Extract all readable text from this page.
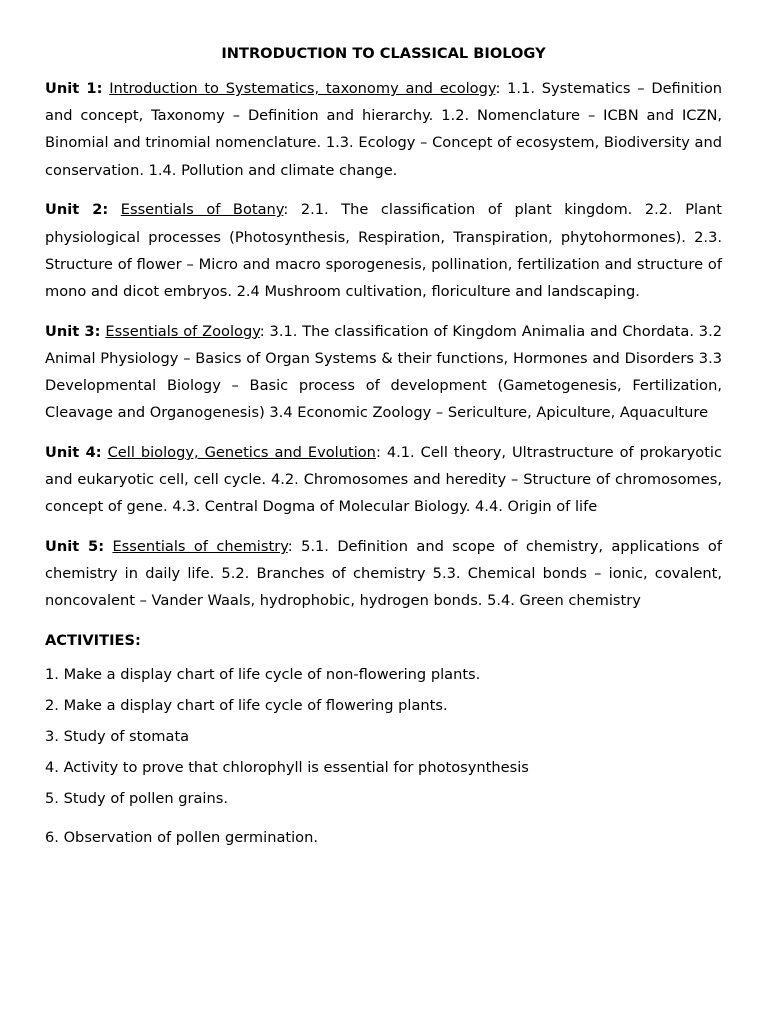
INTRODUCTION TO CLASSICAL BIOLOGY
Unit 1: Introduction to Systematics, taxonomy and ecology: 1.1. Systematics – Definition and concept, Taxonomy – Definition and hierarchy. 1.2. Nomenclature – ICBN and ICZN, Binomial and trinomial nomenclature. 1.3. Ecology – Concept of ecosystem, Biodiversity and conservation. 1.4. Pollution and climate change.
Unit 2: Essentials of Botany: 2.1. The classification of plant kingdom. 2.2. Plant physiological processes (Photosynthesis, Respiration, Transpiration, phytohormones). 2.3. Structure of flower – Micro and macro sporogenesis, pollination, fertilization and structure of mono and dicot embryos. 2.4 Mushroom cultivation, floriculture and landscaping.
Unit 3: Essentials of Zoology: 3.1. The classification of Kingdom Animalia and Chordata. 3.2 Animal Physiology – Basics of Organ Systems & their functions, Hormones and Disorders 3.3 Developmental Biology – Basic process of development (Gametogenesis, Fertilization, Cleavage and Organogenesis) 3.4 Economic Zoology – Sericulture, Apiculture, Aquaculture
Unit 4: Cell biology, Genetics and Evolution: 4.1. Cell theory, Ultrastructure of prokaryotic and eukaryotic cell, cell cycle. 4.2. Chromosomes and heredity – Structure of chromosomes, concept of gene. 4.3. Central Dogma of Molecular Biology. 4.4. Origin of life
Unit 5: Essentials of chemistry: 5.1. Definition and scope of chemistry, applications of chemistry in daily life. 5.2. Branches of chemistry 5.3. Chemical bonds – ionic, covalent, noncovalent – Vander Waals, hydrophobic, hydrogen bonds. 5.4. Green chemistry
ACTIVITIES:
1. Make a display chart of life cycle of non-flowering plants.
2. Make a display chart of life cycle of flowering plants.
3. Study of stomata
4. Activity to prove that chlorophyll is essential for photosynthesis
5. Study of pollen grains.
6. Observation of pollen germination.
